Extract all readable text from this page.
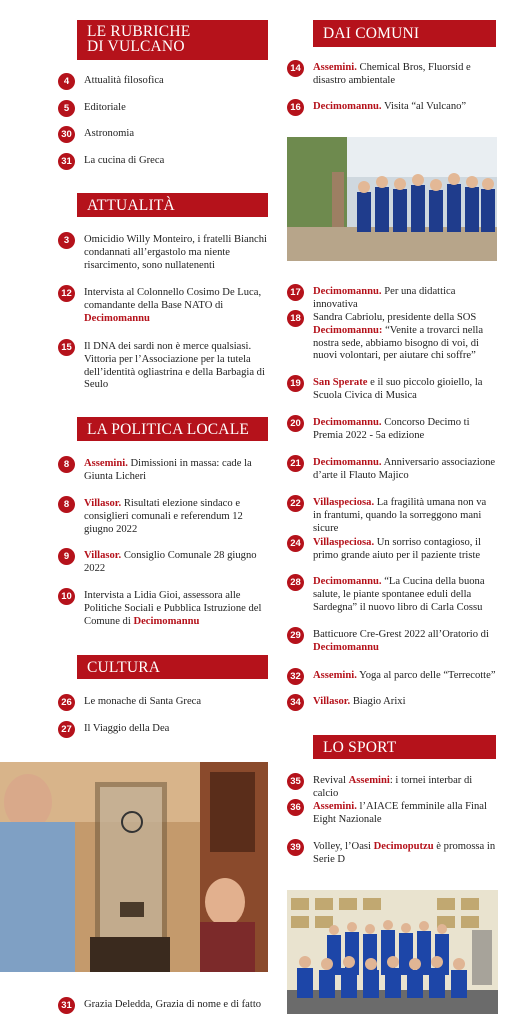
LE RUBRICHE
DI VULCANO
4	Attualità filosofica
5	Editoriale
30	Astronomia
31	La cucina di Greca
ATTUALITÀ
3	Omicidio Willy Monteiro, i fratelli Bianchi condannati all’ergastolo ma niente risarcimento, sono nullatenenti
12	Intervista al Colonnello Cosimo De Luca, comandante della Base NATO di Decimomannu
15	Il DNA dei sardi non è merce qualsiasi. Vittoria per l’Associazione per la tutela dell’identità ogliastrina e della Barbagia di Seulo
LA POLITICA LOCALE
8	Assemini. Dimissioni in massa: cade la Giunta Licheri
8	Villasor. Risultati elezione sindaco e consiglieri comunali e referendum 12 giugno 2022
9	Villasor. Consiglio Comunale 28 giugno 2022
10	Intervista a Lidia Gioi, assessora alle Politiche Sociali e Pubblica Istruzione del Comune di Decimomannu
CULTURA
26	Le monache di Santa Greca
27	Il Viaggio della Dea
31	Grazia Deledda, Grazia di nome e di fatto
DAI COMUNI
14	Assemini. Chemical Bros, Fluorsid e disastro ambientale
16	Decimomannu. Visita “al Vulcano”
17	Decimomannu. Per una didattica innovativa
18	Sandra Cabriolu, presidente della SOS
Decimomannu: “Venite a trovarci nella nostra sede, abbiamo bisogno di voi, di nuovi volontari, per aiutare chi soffre”
19	San Sperate e il suo piccolo gioiello, la Scuola Civica di Musica
20	Decimomannu. Concorso Decimo ti Premia 2022 - 5a edizione
21	Decimomannu. Anniversario associazione d’arte il Flauto Majico
22	Villaspeciosa. La fragilità umana non va in frantumi, quando la sorreggono mani sicure
24	Villaspeciosa. Un sorriso contagioso, il primo grande aiuto per il paziente triste
28	Decimomannu. “La Cucina della buona salute, le piante spontanee eduli della Sardegna” il nuovo libro di Carla Cossu
29	Batticuore Cre-Grest 2022 all’Oratorio di
Decimomannu
32	Assemini. Yoga al parco delle “Terrecotte”
34	Villasor. Biagio Arixi
LO SPORT
35	Revival Assemini: i tornei interbar di calcio
36	Assemini. l’AIACE femminile alla Final Eight Nazionale
39	Volley, l’Oasi Decimoputzu è promossa in Serie D
